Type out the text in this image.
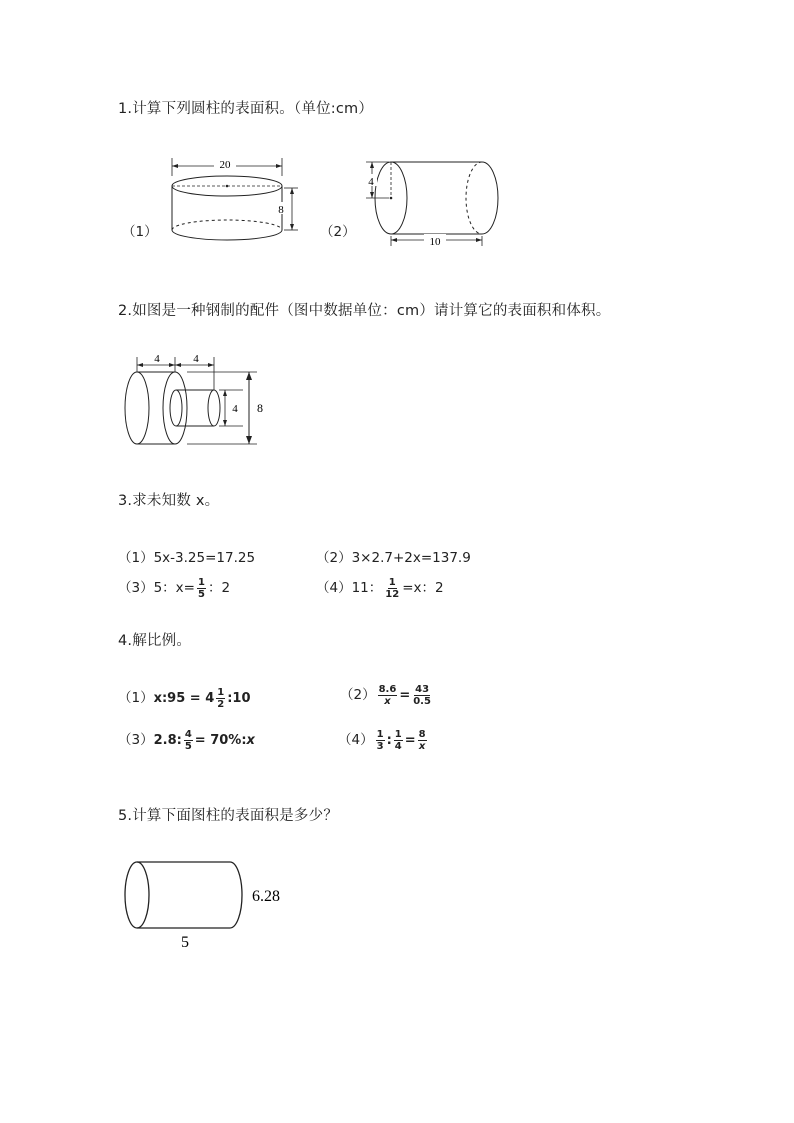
1.计算下列圆柱的表面积。（单位:cm）
20
8
4
10
（1）	（2）
2.如图是一种钢制的配件（图中数据单位：cm）请计算它的表面积和体积。
4	4
4 8
3.求未知数 x。
（1）5x-3.25=17.25	（2）3×2.7+2x=137.9
（3）5：$x= \frac{1}{5}$ ：2	（4）11： $\frac{1}{12} =x$：2
4.解比例。
（1）x:95 = $4 \frac{1}{2}$ :10	$(2) \frac{8.6}{x} = \frac{43}{0.5}$
（3）2.8: $\frac{4}{5}$ = 70%:x	$(4) \frac{1}{3}$ : $\frac{1}{4} = \frac{8}{x}$
5.计算下面图柱的表面积是多少？
6.28
5
